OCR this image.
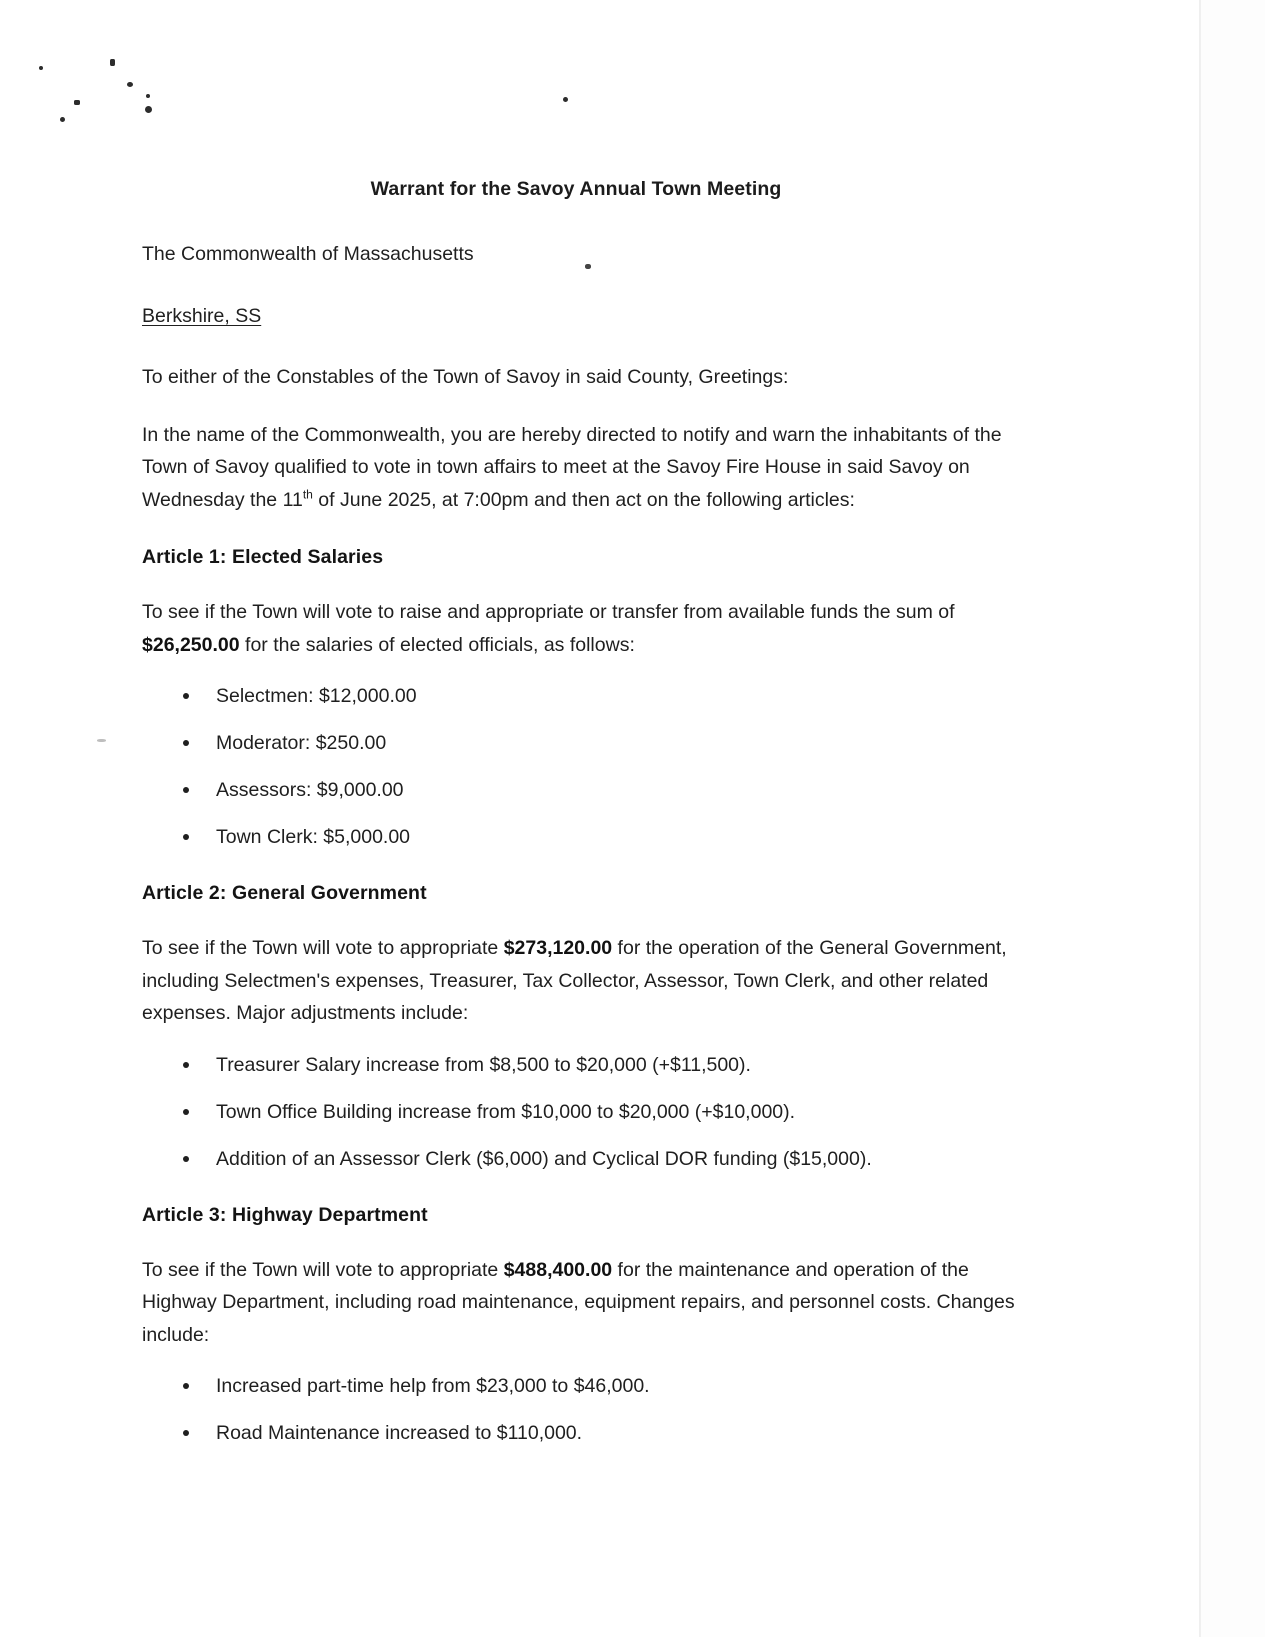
Warrant for the Savoy Annual Town Meeting

The Commonwealth of Massachusetts

Berkshire, SS

To either of the Constables of the Town of Savoy in said County, Greetings:

In the name of the Commonwealth, you are hereby directed to notify and warn the inhabitants of the Town of Savoy qualified to vote in town affairs to meet at the Savoy Fire House in said Savoy on Wednesday the 11th of June 2025, at 7:00pm and then act on the following articles:

Article 1: Elected Salaries

To see if the Town will vote to raise and appropriate or transfer from available funds the sum of $26,250.00 for the salaries of elected officials, as follows:

Selectmen: $12,000.00
Moderator: $250.00
Assessors: $9,000.00
Town Clerk: $5,000.00
Article 2: General Government

To see if the Town will vote to appropriate $273,120.00 for the operation of the General Government, including Selectmen's expenses, Treasurer, Tax Collector, Assessor, Town Clerk, and other related expenses. Major adjustments include:

Treasurer Salary increase from $8,500 to $20,000 (+$11,500).
Town Office Building increase from $10,000 to $20,000 (+$10,000).
Addition of an Assessor Clerk ($6,000) and Cyclical DOR funding ($15,000).
Article 3: Highway Department

To see if the Town will vote to appropriate $488,400.00 for the maintenance and operation of the Highway Department, including road maintenance, equipment repairs, and personnel costs. Changes include:

Increased part-time help from $23,000 to $46,000.
Road Maintenance increased to $110,000.
